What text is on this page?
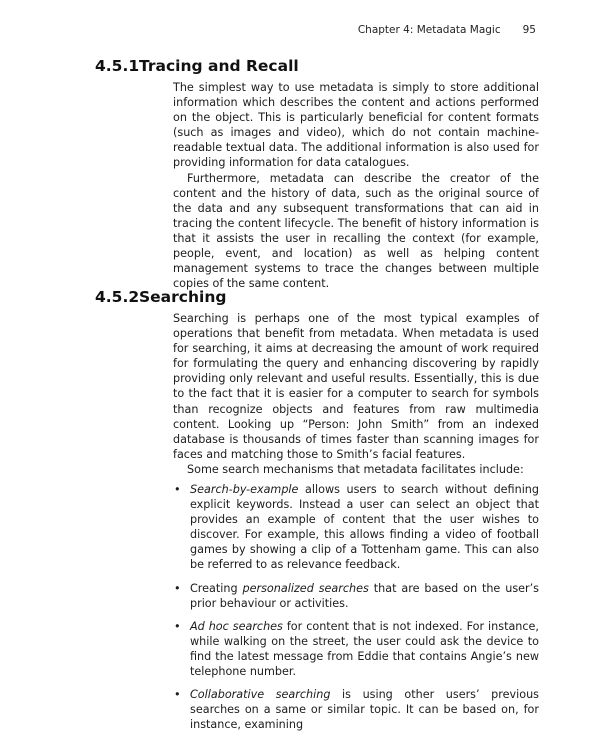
Chapter 4: Metadata Magic 95
4.5.1Tracing and Recall

The simplest way to use metadata is simply to store additional information which describes the content and actions performed on the object. This is particularly beneficial for content formats (such as images and video), which do not contain machine-readable textual data. The additional information is also used for providing information for data catalogues.

Furthermore, metadata can describe the creator of the content and the history of data, such as the original source of the data and any subsequent transformations that can aid in tracing the content lifecycle. The benefit of history information is that it assists the user in recalling the context (for example, people, event, and location) as well as helping content management systems to trace the changes between multiple copies of the same content.

4.5.2Searching

Searching is perhaps one of the most typical examples of operations that benefit from metadata. When metadata is used for searching, it aims at decreasing the amount of work required for formulating the query and enhancing discovering by rapidly providing only relevant and useful results. Essentially, this is due to the fact that it is easier for a computer to search for symbols than recognize objects and features from raw multimedia content. Looking up “Person: John Smith” from an indexed database is thousands of times faster than scanning images for faces and matching those to Smith’s facial features.

Some search mechanisms that metadata facilitates include:

• Search-by-example allows users to search without defining explicit keywords. Instead a user can select an object that provides an example of content that the user wishes to discover. For example, this allows finding a video of football games by showing a clip of a Tottenham game. This can also be referred to as relevance feedback.
• Creating personalized searches that are based on the user’s prior behaviour or activities.
• Ad hoc searches for content that is not indexed. For instance, while walking on the street, the user could ask the device to find the latest message from Eddie that contains Angie’s new telephone number.
• Collaborative searching is using other users’ previous searches on a same or similar topic. It can be based on, for instance, examining
